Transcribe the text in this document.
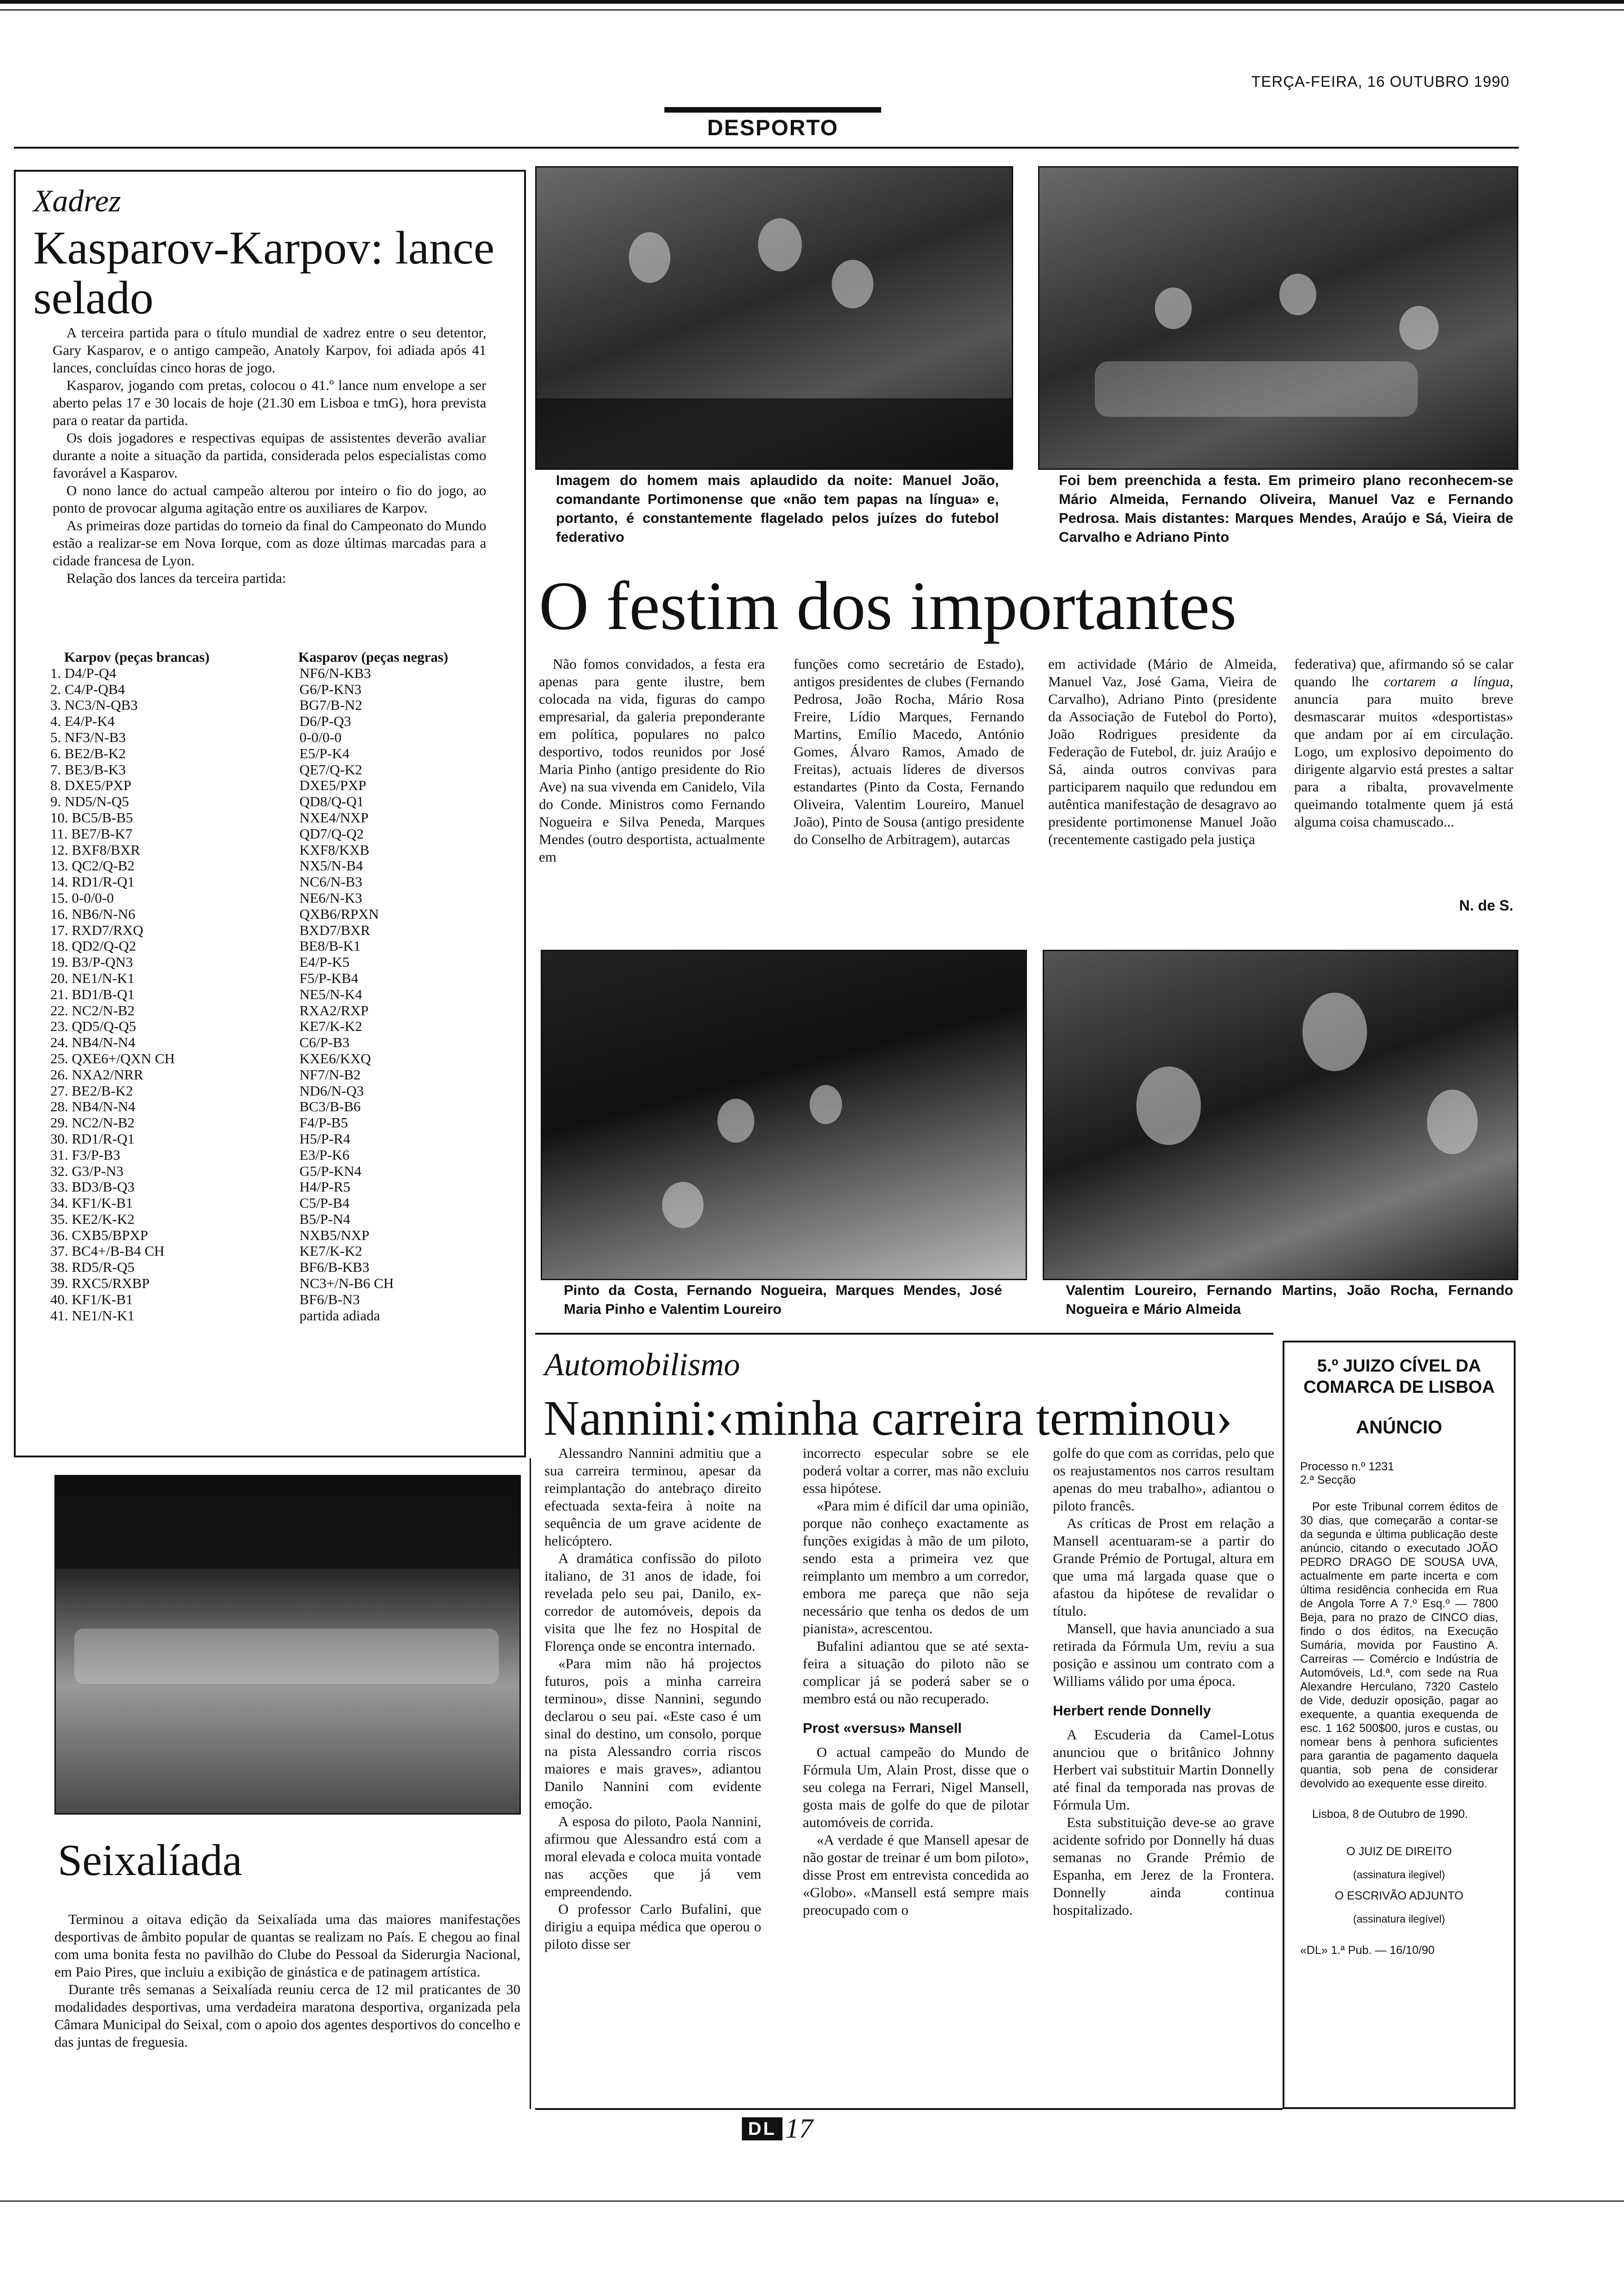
TERÇA-FEIRA, 16 OUTUBRO 1990
DESPORTO
Xadrez
Kasparov-Karpov: lance selado

A terceira partida para o título mundial de xadrez entre o seu detentor, Gary Kasparov, e o antigo campeão, Anatoly Karpov, foi adiada após 41 lances, concluídas cinco horas de jogo.

Kasparov, jogando com pretas, colocou o 41.º lance num envelope a ser aberto pelas 17 e 30 locais de hoje (21.30 em Lisboa e tmG), hora prevista para o reatar da partida.

Os dois jogadores e respectivas equipas de assistentes deverão avaliar durante a noite a situação da partida, considerada pelos especialistas como favorável a Kasparov.

O nono lance do actual campeão alterou por inteiro o fio do jogo, ao ponto de provocar alguma agitação entre os auxiliares de Karpov.

As primeiras doze partidas do torneio da final do Campeonato do Mundo estão a realizar-se em Nova Iorque, com as doze últimas marcadas para a cidade francesa de Lyon.

Relação dos lances da terceira partida:

Karpov (peças brancas)	Kasparov (peças negras)
1. D4/P-Q4	NF6/N-KB3
2. C4/P-QB4	G6/P-KN3
3. NC3/N-QB3	BG7/B-N2
4. E4/P-K4	D6/P-Q3
5. NF3/N-B3	0-0/0-0
6. BE2/B-K2	E5/P-K4
7. BE3/B-K3	QE7/Q-K2
8. DXE5/PXP	DXE5/PXP
9. ND5/N-Q5	QD8/Q-Q1
10. BC5/B-B5	NXE4/NXP
11. BE7/B-K7	QD7/Q-Q2
12. BXF8/BXR	KXF8/KXB
13. QC2/Q-B2	NX5/N-B4
14. RD1/R-Q1	NC6/N-B3
15. 0-0/0-0	NE6/N-K3
16. NB6/N-N6	QXB6/RPXN
17. RXD7/RXQ	BXD7/BXR
18. QD2/Q-Q2	BE8/B-K1
19. B3/P-QN3	E4/P-K5
20. NE1/N-K1	F5/P-KB4
21. BD1/B-Q1	NE5/N-K4
22. NC2/N-B2	RXA2/RXP
23. QD5/Q-Q5	KE7/K-K2
24. NB4/N-N4	C6/P-B3
25. QXE6+/QXN CH	KXE6/KXQ
26. NXA2/NRR	NF7/N-B2
27. BE2/B-K2	ND6/N-Q3
28. NB4/N-N4	BC3/B-B6
29. NC2/N-B2	F4/P-B5
30. RD1/R-Q1	H5/P-R4
31. F3/P-B3	E3/P-K6
32. G3/P-N3	G5/P-KN4
33. BD3/B-Q3	H4/P-R5
34. KF1/K-B1	C5/P-B4
35. KE2/K-K2	B5/P-N4
36. CXB5/BPXP	NXB5/NXP
37. BC4+/B-B4 CH	KE7/K-K2
38. RD5/R-Q5	BF6/B-KB3
39. RXC5/RXBP	NC3+/N-B6 CH
40. KF1/K-B1	BF6/B-N3
41. NE1/N-K1	partida adiada
Seixalíada

Terminou a oitava edição da Seixalíada uma das maiores manifestações desportivas de âmbito popular de quantas se realizam no País. E chegou ao final com uma bonita festa no pavilhão do Clube do Pessoal da Siderurgia Nacional, em Paio Pires, que incluiu a exibição de ginástica e de patinagem artística.

Durante três semanas a Seixalíada reuniu cerca de 12 mil praticantes de 30 modalidades desportivas, uma verdadeira maratona desportiva, organizada pela Câmara Municipal do Seixal, com o apoio dos agentes desportivos do concelho e das juntas de freguesia.

Imagem do homem mais aplaudido da noite: Manuel João, comandante Portimonense que «não tem papas na língua» e, portanto, é constantemente flagelado pelos juízes do futebol federativo
Foi bem preenchida a festa. Em primeiro plano reconhecem-se Mário Almeida, Fernando Oliveira, Manuel Vaz e Fernando Pedrosa. Mais distantes: Marques Mendes, Araújo e Sá, Vieira de Carvalho e Adriano Pinto
O festim dos importantes

Não fomos convidados, a festa era apenas para gente ilustre, bem colocada na vida, figuras do campo empresarial, da galeria preponderante em política, populares no palco desportivo, todos reunidos por José Maria Pinho (antigo presidente do Rio Ave) na sua vivenda em Canidelo, Vila do Conde. Ministros como Fernando Nogueira e Silva Peneda, Marques Mendes (outro desportista, actualmente em

funções como secretário de Estado), antigos presidentes de clubes (Fernando Pedrosa, João Rocha, Mário Rosa Freire, Lídio Marques, Fernando Martins, Emílio Macedo, António Gomes, Álvaro Ramos, Amado de Freitas), actuais líderes de diversos estandartes (Pinto da Costa, Fernando Oliveira, Valentim Loureiro, Manuel João), Pinto de Sousa (antigo presidente do Conselho de Arbitragem), autarcas

em actividade (Mário de Almeida, Manuel Vaz, José Gama, Vieira de Carvalho), Adriano Pinto (presidente da Associação de Futebol do Porto), João Rodrigues presidente da Federação de Futebol, dr. juiz Araújo e Sá, ainda outros convivas para participarem naquilo que redundou em autêntica manifestação de desagravo ao presidente portimonense Manuel João (recentemente castigado pela justiça

federativa) que, afirmando só se calar quando lhe cortarem a língua, anuncia para muito breve desmascarar muitos «desportistas» que andam por aí em circulação. Logo, um explosivo depoimento do dirigente algarvio está prestes a saltar para a ribalta, provavelmente queimando totalmente quem já está alguma coisa chamuscado...

N. de S.
Pinto da Costa, Fernando Nogueira, Marques Mendes, José Maria Pinho e Valentim Loureiro
Valentim Loureiro, Fernando Martins, João Rocha, Fernando Nogueira e Mário Almeida
Automobilismo
Nannini:‹minha carreira terminou›

Alessandro Nannini admitiu que a sua carreira terminou, apesar da reimplantação do antebraço direito efectuada sexta-feira à noite na sequência de um grave acidente de helicóptero.

A dramática confissão do piloto italiano, de 31 anos de idade, foi revelada pelo seu pai, Danilo, ex-corredor de automóveis, depois da visita que lhe fez no Hospital de Florença onde se encontra internado.

«Para mim não há projectos futuros, pois a minha carreira terminou», disse Nannini, segundo declarou o seu pai. «Este caso é um sinal do destino, um consolo, porque na pista Alessandro corria riscos maiores e mais graves», adiantou Danilo Nannini com evidente emoção.

A esposa do piloto, Paola Nannini, afirmou que Alessandro está com a moral elevada e coloca muita vontade nas acções que já vem empreendendo.

O professor Carlo Bufalini, que dirigiu a equipa médica que operou o piloto disse ser

incorrecto especular sobre se ele poderá voltar a correr, mas não excluiu essa hipótese.

«Para mim é difícil dar uma opinião, porque não conheço exactamente as funções exigidas à mão de um piloto, sendo esta a primeira vez que reimplanto um membro a um corredor, embora me pareça que não seja necessário que tenha os dedos de um pianista», acrescentou.

Bufalini adiantou que se até sexta-feira a situação do piloto não se complicar já se poderá saber se o membro está ou não recuperado.

Prost «versus» Mansell

O actual campeão do Mundo de Fórmula Um, Alain Prost, disse que o seu colega na Ferrari, Nigel Mansell, gosta mais de golfe do que de pilotar automóveis de corrida.

«A verdade é que Mansell apesar de não gostar de treinar é um bom piloto», disse Prost em entrevista concedida ao «Globo». «Mansell está sempre mais preocupado com o

golfe do que com as corridas, pelo que os reajustamentos nos carros resultam apenas do meu trabalho», adiantou o piloto francês.

As críticas de Prost em relação a Mansell acentuaram-se a partir do Grande Prémio de Portugal, altura em que uma má largada quase que o afastou da hipótese de revalidar o título.

Mansell, que havia anunciado a sua retirada da Fórmula Um, reviu a sua posição e assinou um contrato com a Williams válido por uma época.

Herbert rende Donnelly

A Escuderia da Camel-Lotus anunciou que o britânico Johnny Herbert vai substituir Martin Donnelly até final da temporada nas provas de Fórmula Um.

Esta substituição deve-se ao grave acidente sofrido por Donnelly há duas semanas no Grande Prémio de Espanha, em Jerez de la Frontera. Donnelly ainda continua hospitalizado.

5.º JUIZO CÍVEL DA COMARCA DE LISBOA
ANÚNCIO
Processo n.º 1231
2.ª Secção
Por este Tribunal correm éditos de 30 dias, que começarão a contar-se da segunda e última publicação deste anúncio, citando o executado JOÃO PEDRO DRAGO DE SOUSA UVA, actualmente em parte incerta e com última residência conhecida em Rua de Angola Torre A 7.º Esq.º — 7800 Beja, para no prazo de CINCO dias, findo o dos éditos, na Execução Sumária, movida por Faustino A. Carreiras — Comércio e Indústria de Automóveis, Ld.ª, com sede na Rua Alexandre Herculano, 7320 Castelo de Vide, deduzir oposição, pagar ao exequente, a quantia exequenda de esc. 1 162 500$00, juros e custas, ou nomear bens à penhora suficientes para garantia de pagamento daquela quantia, sob pena de considerar devolvido ao exequente esse direito.
Lisboa, 8 de Outubro de 1990.
O JUIZ DE DIREITO
(assinatura ilegível)
O ESCRIVÃO ADJUNTO
(assinatura ilegível)
«DL» 1.ª Pub. — 16/10/90
DL 17
